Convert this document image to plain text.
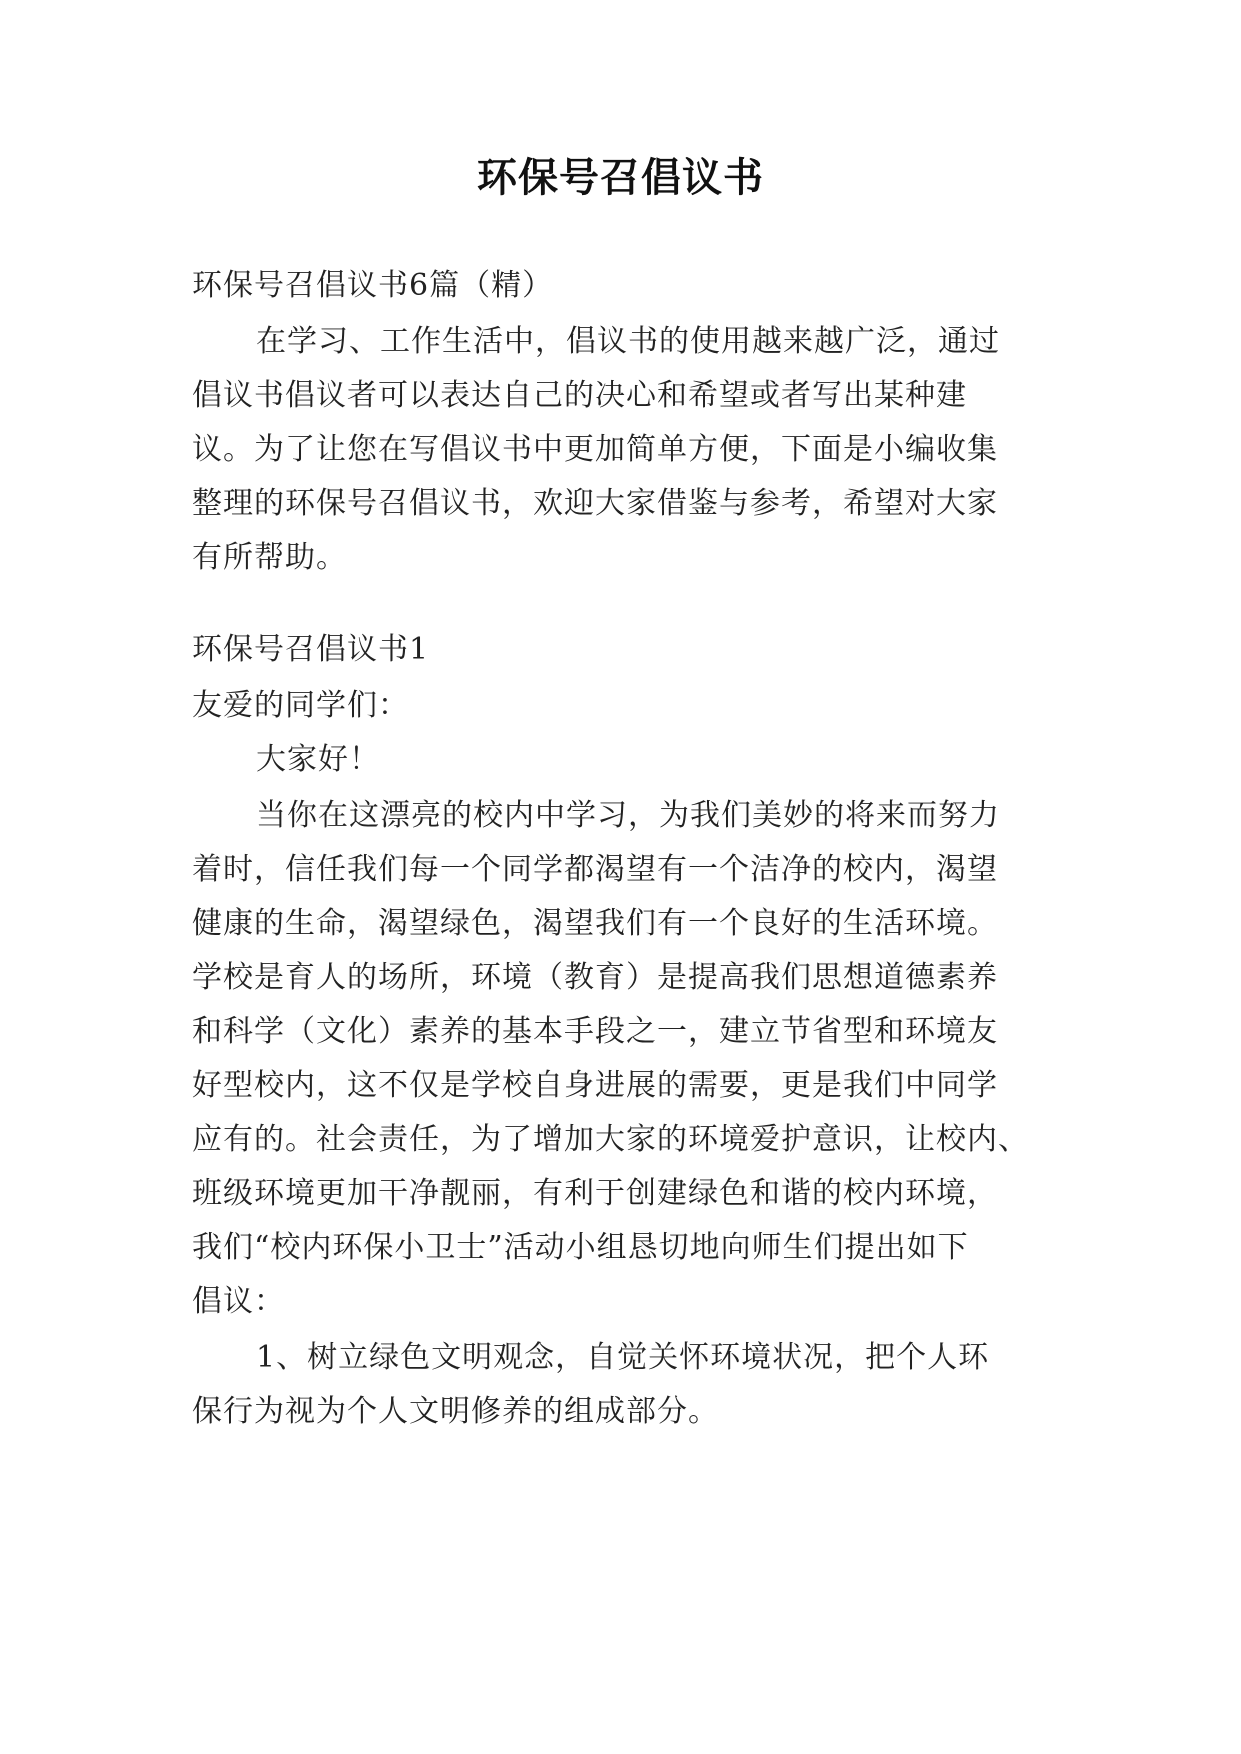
环保号召倡议书
环保号召倡议书6篇（精）
在学习、工作生活中，倡议书的使用越来越广泛，通过
倡议书倡议者可以表达自己的决心和希望或者写出某种建
议。为了让您在写倡议书中更加简单方便，下面是小编收集
整理的环保号召倡议书，欢迎大家借鉴与参考，希望对大家
有所帮助。
环保号召倡议书1
友爱的同学们：
大家好！
当你在这漂亮的校内中学习，为我们美妙的将来而努力
着时，信任我们每一个同学都渴望有一个洁净的校内，渴望
健康的生命，渴望绿色，渴望我们有一个良好的生活环境。
学校是育人的场所，环境（教育）是提高我们思想道德素养
和科学（文化）素养的基本手段之一，建立节省型和环境友
好型校内，这不仅是学校自身进展的需要，更是我们中同学
应有的。社会责任，为了增加大家的环境爱护意识，让校内、
班级环境更加干净靓丽，有利于创建绿色和谐的校内环境，
我们“校内环保小卫士”活动小组恳切地向师生们提出如下
倡议：
1、树立绿色文明观念，自觉关怀环境状况，把个人环
保行为视为个人文明修养的组成部分。
